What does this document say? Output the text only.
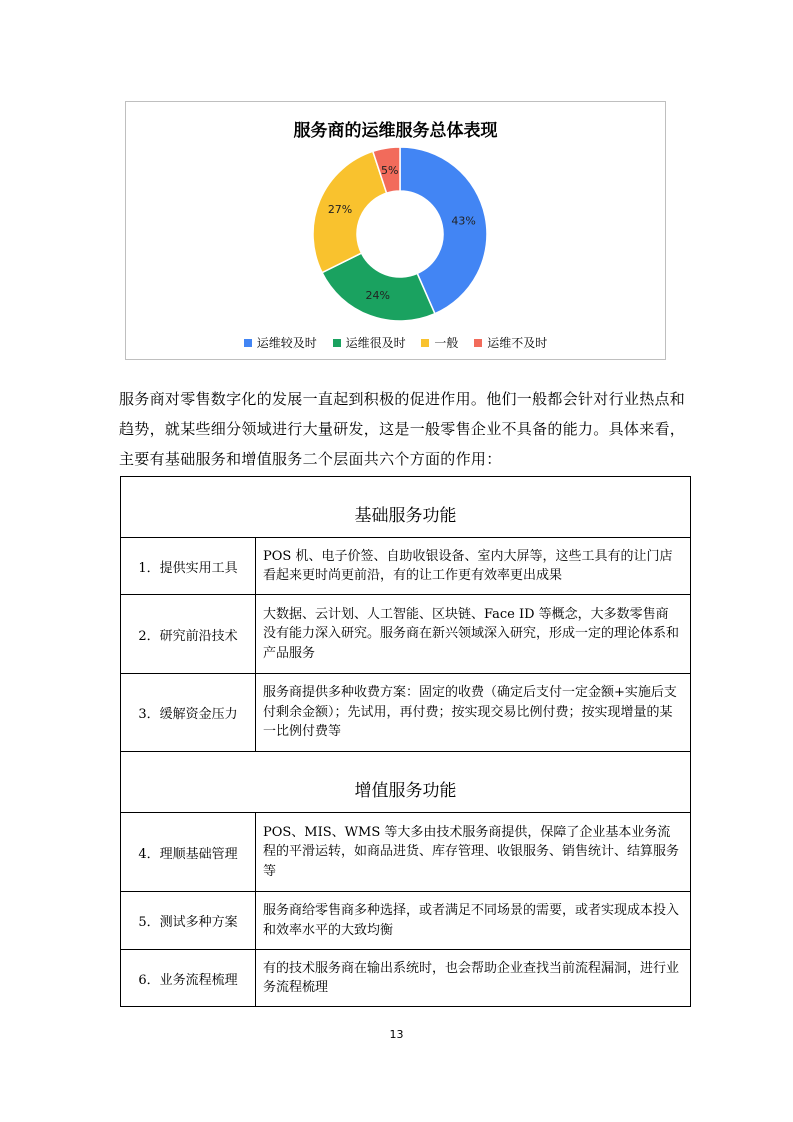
服务商的运维服务总体表现
43%
24%
27%
5%
运维较及时
运维很及时
一般
运维不及时
服务商对零售数字化的发展一直起到积极的促进作用。他们一般都会针对行业热点和趋势，就某些细分领域进行大量研发，这是一般零售企业不具备的能力。具体来看，主要有基础服务和增值服务二个层面共六个方面的作用：
基础服务功能	

1．提供实用工具	POS 机、电子价签、自助收银设备、室内大屏等，这些工具有的让门店看起来更时尚更前沿，有的让工作更有效率更出成果
2．研究前沿技术	大数据、云计划、人工智能、区块链、Face ID 等概念，大多数零售商没有能力深入研究。服务商在新兴领域深入研究，形成一定的理论体系和产品服务
3．缓解资金压力	服务商提供多种收费方案：固定的收费（确定后支付一定金额+实施后支付剩余金额）；先试用，再付费；按实现交易比例付费；按实现增量的某一比例付费等

增值服务功能	

4．理顺基础管理	POS、MIS、WMS 等大多由技术服务商提供，保障了企业基本业务流程的平滑运转，如商品进货、库存管理、收银服务、销售统计、结算服务等
5．测试多种方案	服务商给零售商多种选择，或者满足不同场景的需要，或者实现成本投入和效率水平的大致均衡
6．业务流程梳理	有的技术服务商在输出系统时，也会帮助企业查找当前流程漏洞，进行业务流程梳理
13
